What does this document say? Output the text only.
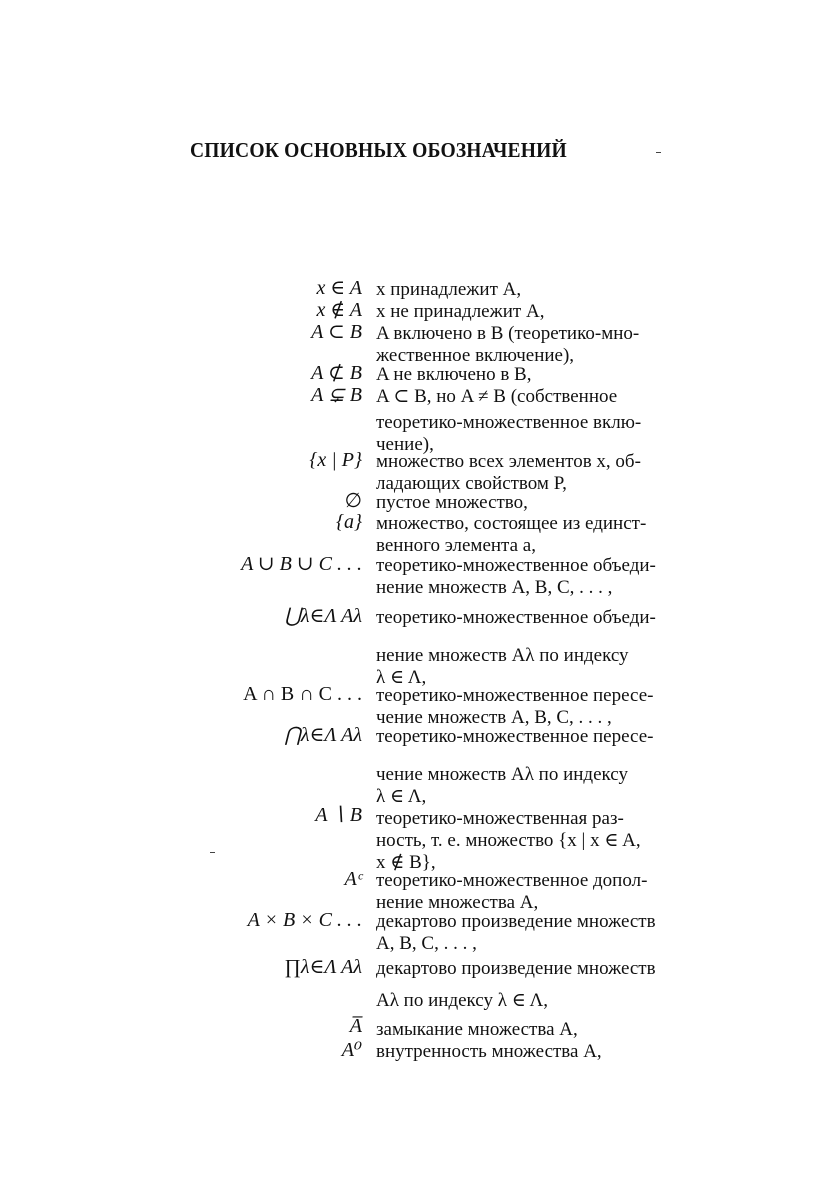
СПИСОК ОСНОВНЫХ ОБОЗНАЧЕНИЙ
x ∈ A x принадлежит A,
x ∉ A x не принадлежит A,
A ⊂ B A включено в B (теоретико-мно-
жественное включение),
A ⊄ B A не включено в B,
A ⊊ B A ⊂ B, но A ≠ B (собственное
теоретико-множественное вклю-
чение),
{x | P} множество всех элементов x, об-
ладающих свойством P,
∅ пустое множество,
{a} множество, состоящее из единст-
венного элемента a,
A ∪ B ∪ C . . . теоретико-множественное объеди-
нение множеств A, B, C, . . . ,
⋃λ∈Λ Aλ теоретико-множественное объеди-
нение множеств Aλ по индексу
λ ∈ Λ,
A ∩ B ∩ C . . . теоретико-множественное пересе-
чение множеств A, B, C, . . . ,
⋂λ∈Λ Aλ теоретико-множественное пересе-
чение множеств Aλ по индексу
λ ∈ Λ,
A ∖ B теоретико-множественная раз-
ность, т. е. множество {x | x ∈ A,
x ∉ B},
Aᶜ теоретико-множественное допол-
нение множества A,
A × B × C . . . декартово произведение множеств
A, B, C, . . . ,
∏λ∈Λ Aλ декартово произведение множеств
Aλ по индексу λ ∈ Λ,
A̅ замыкание множества A,
A⁰ внутренность множества A,
